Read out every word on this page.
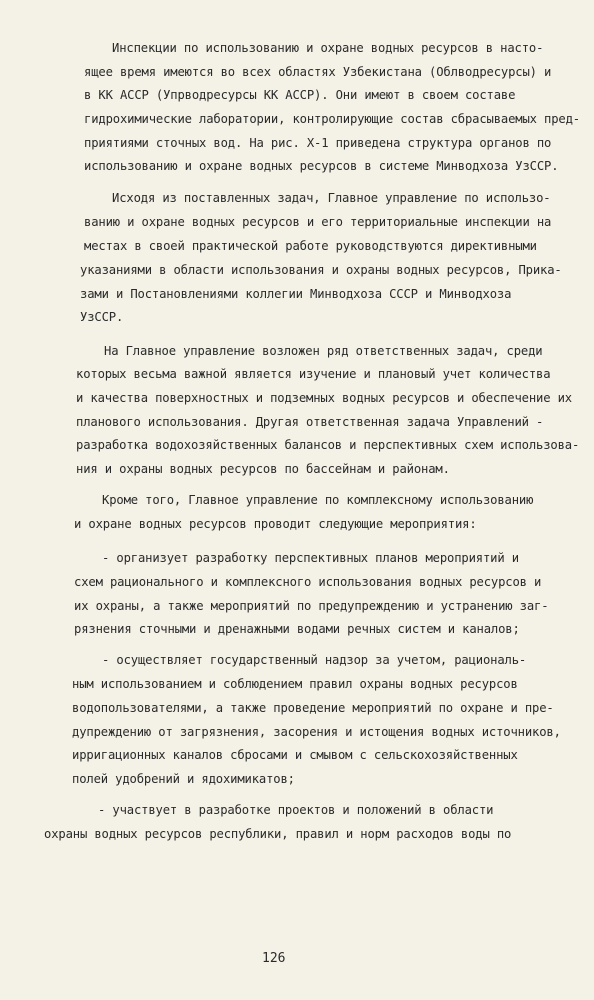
Инспекции по использованию и охране водных ресурсов в насто-
ящее время имеются во всех областях Узбекистана (Облводресурсы) и
в КК АССР (Упрводресурсы КК АССР). Они имеют в своем составе
гидрохимические лаборатории, контролирующие состав сбрасываемых пред-
приятиями сточных вод. На рис. Х-1 приведена структура органов по
использованию и охране водных ресурсов в системе Минводхоза УзССР.
Исходя из поставленных задач, Главное управление по использо-
ванию и охране водных ресурсов и его территориальные инспекции на
местах в своей практической работе руководствуются директивными
указаниями в области использования и охраны водных ресурсов, Прика-
зами и Постановлениями коллегии Минводхоза СССР и Минводхоза
УзССР.
На Главное управление возложен ряд ответственных задач, среди
которых весьма важной является изучение и плановый учет количества
и качества поверхностных и подземных водных ресурсов и обеспечение их
планового использования. Другая ответственная задача Управлений -
разработка водохозяйственных балансов и перспективных схем использова-
ния и охраны водных ресурсов по бассейнам и районам.
Кроме того, Главное управление по комплексному использованию
и охране водных ресурсов проводит следующие мероприятия:
- организует разработку перспективных планов мероприятий и
схем рационального и комплексного использования водных ресурсов и
их охраны, а также мероприятий по предупреждению и устранению заг-
рязнения сточными и дренажными водами речных систем и каналов;
- осуществляет государственный надзор за учетом, рациональ-
ным использованием и соблюдением правил охраны водных ресурсов
водопользователями, а также проведение мероприятий по охране и пре-
дупреждению от загрязнения, засорения и истощения водных источников,
ирригационных каналов сбросами и смывом с сельскохозяйственных
полей удобрений и ядохимикатов;
- участвует в разработке проектов и положений в области
охраны водных ресурсов республики, правил и норм расходов воды по
126
